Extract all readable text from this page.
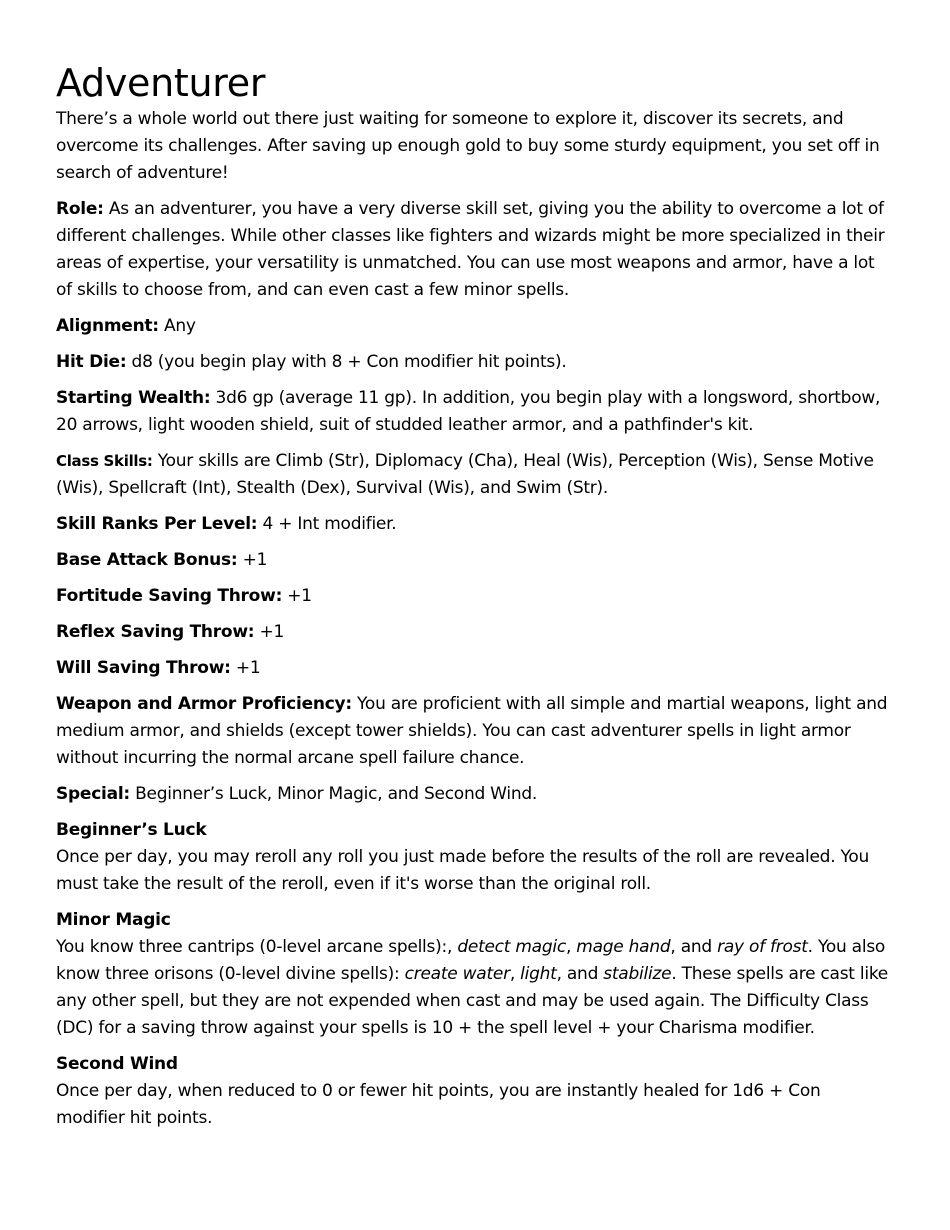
Adventurer

There’s a whole world out there just waiting for someone to explore it, discover its secrets, and overcome its challenges. After saving up enough gold to buy some sturdy equipment, you set off in search of adventure!

Role: As an adventurer, you have a very diverse skill set, giving you the ability to overcome a lot of different challenges. While other classes like fighters and wizards might be more specialized in their areas of expertise, your versatility is unmatched. You can use most weapons and armor, have a lot of skills to choose from, and can even cast a few minor spells.

Alignment: Any

Hit Die: d8 (you begin play with 8 + Con modifier hit points).

Starting Wealth: 3d6 gp (average 11 gp). In addition, you begin play with a longsword, shortbow, 20 arrows, light wooden shield, suit of studded leather armor, and a pathfinder's kit.

Class Skills: Your skills are Climb (Str), Diplomacy (Cha), Heal (Wis), Perception (Wis), Sense Motive (Wis), Spellcraft (Int), Stealth (Dex), Survival (Wis), and Swim (Str).

Skill Ranks Per Level: 4 + Int modifier.

Base Attack Bonus: +1

Fortitude Saving Throw: +1

Reflex Saving Throw: +1

Will Saving Throw: +1

Weapon and Armor Proficiency: You are proficient with all simple and martial weapons, light and medium armor, and shields (except tower shields). You can cast adventurer spells in light armor without incurring the normal arcane spell failure chance.

Special: Beginner’s Luck, Minor Magic, and Second Wind.

Beginner’s Luck
Once per day, you may reroll any roll you just made before the results of the roll are revealed. You must take the result of the reroll, even if it's worse than the original roll.

Minor Magic
You know three cantrips (0-level arcane spells):, detect magic, mage hand, and ray of frost. You also know three orisons (0-level divine spells): create water, light, and stabilize. These spells are cast like any other spell, but they are not expended when cast and may be used again. The Difficulty Class (DC) for a saving throw against your spells is 10 + the spell level + your Charisma modifier.

Second Wind
Once per day, when reduced to 0 or fewer hit points, you are instantly healed for 1d6 + Con modifier hit points.
